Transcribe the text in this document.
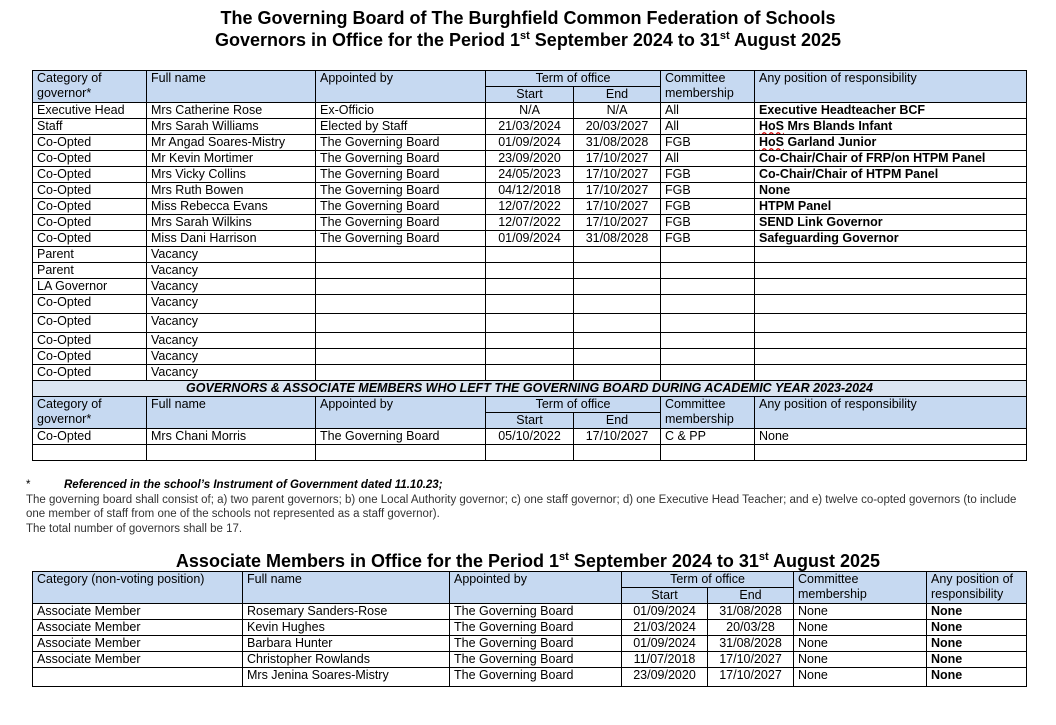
The Governing Board of The Burghfield Common Federation of Schools
Governors in Office for the Period 1st September 2024 to 31st August 2025
Category of governor*	Full name	Appointed by	Term of office		Committee membership	Any position of responsibility
			Start	End		
Executive Head	Mrs Catherine Rose	Ex-Officio	N/A	N/A	All	Executive Headteacher BCF
Staff	Mrs Sarah Williams	Elected by Staff	21/03/2024	20/03/2027	All	HoS Mrs Blands Infant
Co-Opted	Mr Angad Soares-Mistry	The Governing Board	01/09/2024	31/08/2028	FGB	HoS Garland Junior
Co-Opted	Mr Kevin Mortimer	The Governing Board	23/09/2020	17/10/2027	All	Co-Chair/Chair of FRP/on HTPM Panel
Co-Opted	Mrs Vicky Collins	The Governing Board	24/05/2023	17/10/2027	FGB	Co-Chair/Chair of HTPM Panel
Co-Opted	Mrs Ruth Bowen	The Governing Board	04/12/2018	17/10/2027	FGB	None
Co-Opted	Miss Rebecca Evans	The Governing Board	12/07/2022	17/10/2027	FGB	HTPM Panel
Co-Opted	Mrs Sarah Wilkins	The Governing Board	12/07/2022	17/10/2027	FGB	SEND Link Governor
Co-Opted	Miss Dani Harrison	The Governing Board	01/09/2024	31/08/2028	FGB	Safeguarding Governor
Parent	Vacancy					
Parent	Vacancy					
LA Governor	Vacancy					
Co-Opted	Vacancy					
Co-Opted	Vacancy					
Co-Opted	Vacancy					
Co-Opted	Vacancy					
Co-Opted	Vacancy					
GOVERNORS & ASSOCIATE MEMBERS WHO LEFT THE GOVERNING BOARD DURING ACADEMIC YEAR 2023-2024						
Category of governor*	Full name	Appointed by	Term of office		Committee membership	Any position of responsibility
			Start	End		
Co-Opted	Mrs Chani Morris	The Governing Board	05/10/2022	17/10/2027	C & PP	None

*	Referenced in the school’s Instrument of Government dated 11.10.23;
The governing board shall consist of; a) two parent governors; b) one Local Authority governor; c) one staff governor; d) one Executive Head Teacher; and e) twelve co-opted governors (to include one member of staff from one of the schools not represented as a staff governor).
The total number of governors shall be 17.
Associate Members in Office for the Period 1st September 2024 to 31st August 2025
Category (non-voting position)	Full name	Appointed by	Term of office		Committee membership	Any position of responsibility
			Start	End		
Associate Member	Rosemary Sanders-Rose	The Governing Board	01/09/2024	31/08/2028	None	None
Associate Member	Kevin Hughes	The Governing Board	21/03/2024	20/03/28	None	None
Associate Member	Barbara Hunter	The Governing Board	01/09/2024	31/08/2028	None	None
Associate Member	Christopher Rowlands	The Governing Board	11/07/2018	17/10/2027	None	None
	Mrs Jenina Soares-Mistry	The Governing Board	23/09/2020	17/10/2027	None	None
